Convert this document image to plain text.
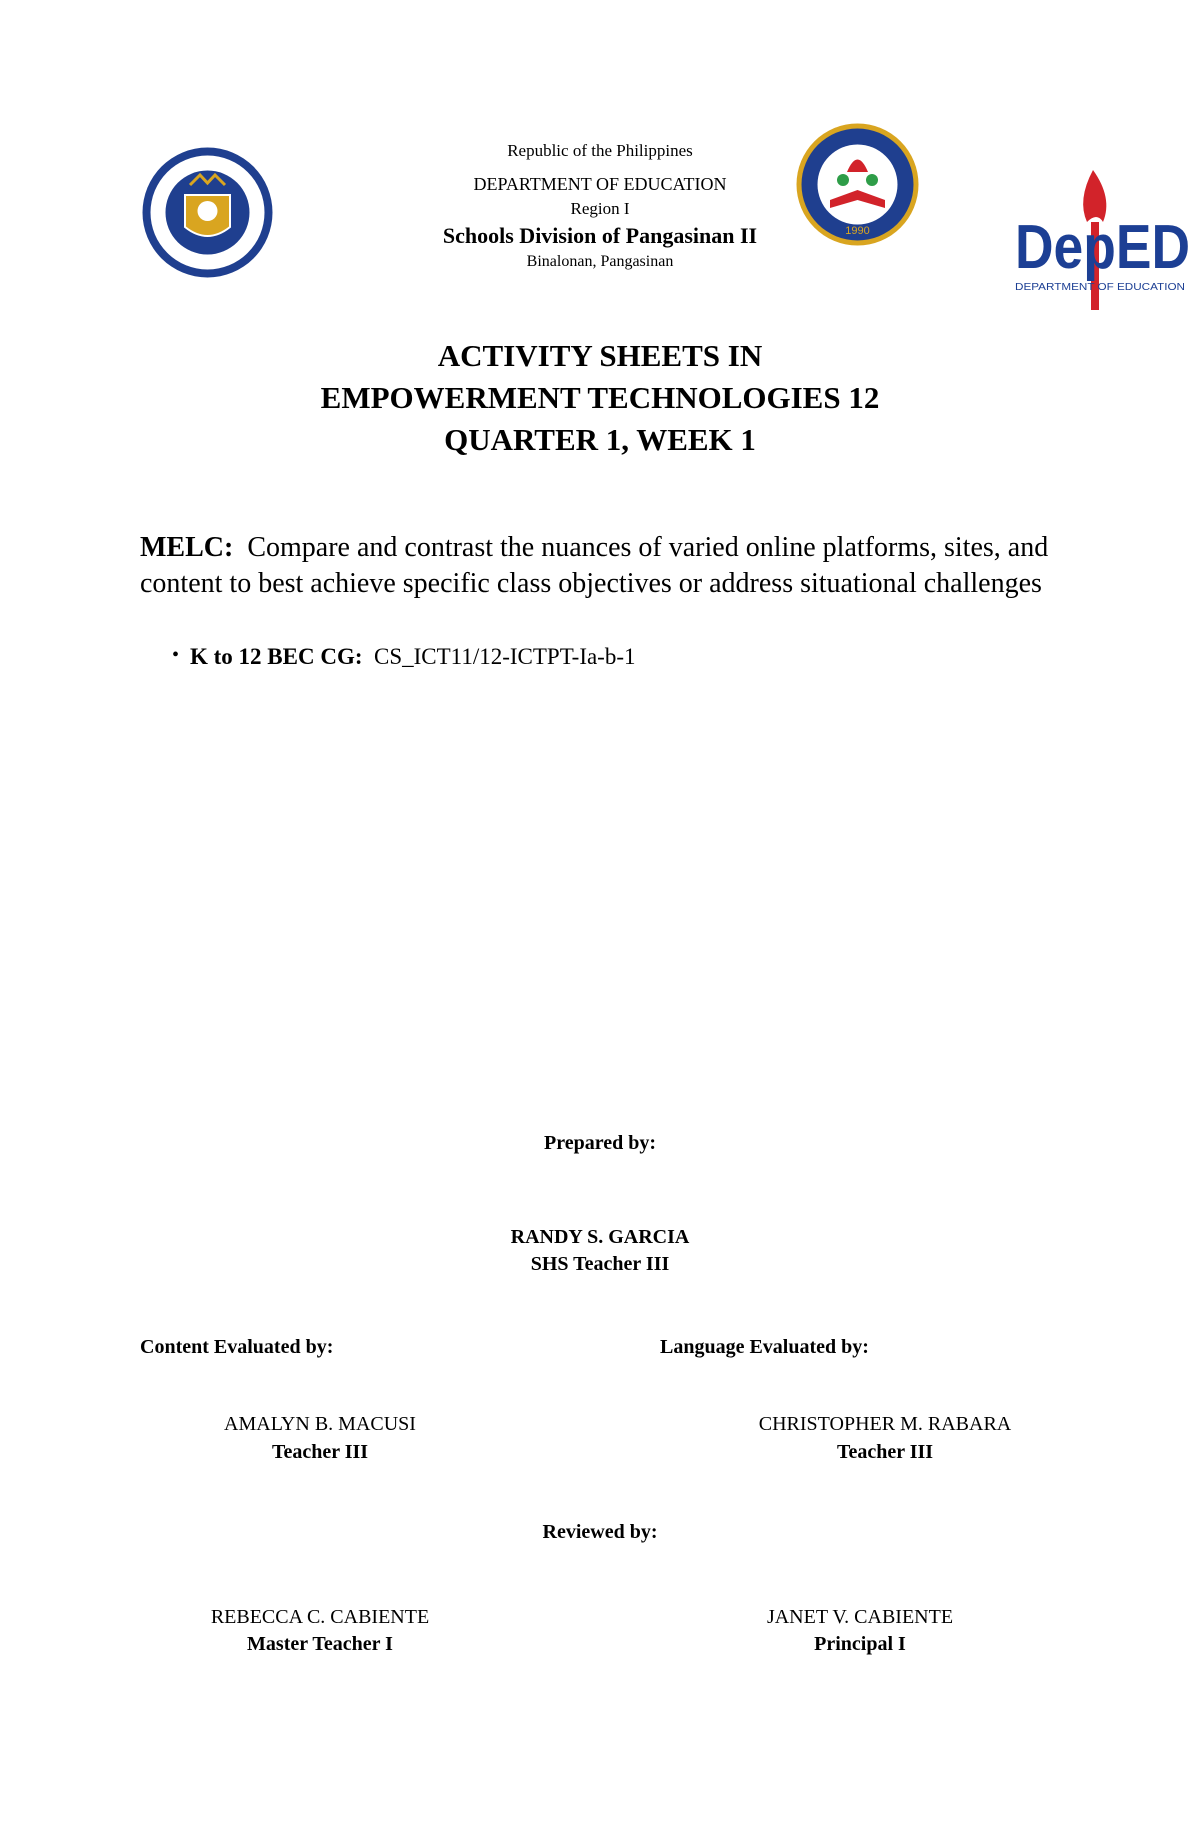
1990 DepED
DEPARTMENT OF EDUCATION
Republic of the Philippines
DEPARTMENT OF EDUCATION
Region I
Schools Division of Pangasinan II
Binalonan, Pangasinan
ACTIVITY SHEETS IN
EMPOWERMENT TECHNOLOGIES 12
QUARTER 1, WEEK 1
MELC: Compare and contrast the nuances of varied online platforms, sites, and content to best achieve specific class objectives or address situational challenges
• K to 12 BEC CG: CS_ICT11/12-ICTPT-Ia-b-1
Prepared by:
RANDY S. GARCIA
SHS Teacher III
Content Evaluated by:	Language Evaluated by:
AMALYN B. MACUSI
Teacher III
CHRISTOPHER M. RABARA
Teacher III
Reviewed by:
REBECCA C. CABIENTE
Master Teacher I
JANET V. CABIENTE
Principal I
